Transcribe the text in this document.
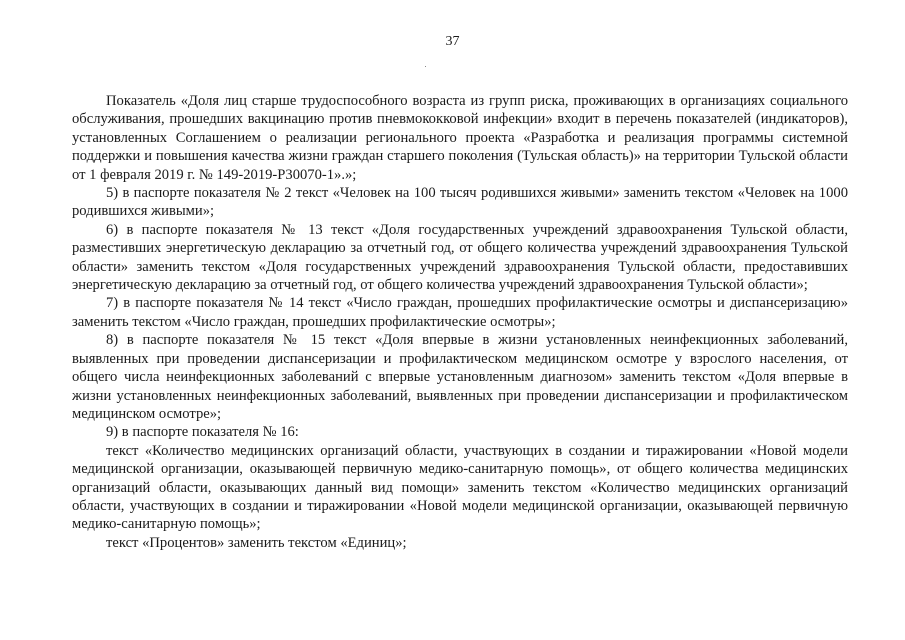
37

Показатель «Доля лиц старше трудоспособного возраста из групп риска, проживающих в организациях социального обслуживания, прошедших вакцинацию против пневмококковой инфекции» входит в перечень показателей (индикаторов), установленных Соглашением о реализации регионального проекта «Разработка и реализация программы системной поддержки и повышения качества жизни граждан старшего поколения (Тульская область)» на территории Тульской области от 1 февраля 2019 г. № 149-2019-Р30070-1».»;

5) в паспорте показателя № 2 текст «Человек на 100 тысяч родившихся живыми» заменить текстом «Человек на 1000 родившихся живыми»;

6) в паспорте показателя № 13 текст «Доля государственных учреждений здравоохранения Тульской области, разместивших энергетическую декларацию за отчетный год, от общего количества учреждений здравоохранения Тульской области» заменить текстом «Доля государственных учреждений здравоохранения Тульской области, предоставивших энергетическую декларацию за отчетный год, от общего количества учреждений здравоохранения Тульской области»;

7) в паспорте показателя № 14 текст «Число граждан, прошедших профилактические осмотры и диспансеризацию» заменить текстом «Число граждан, прошедших профилактические осмотры»;

8) в паспорте показателя № 15 текст «Доля впервые в жизни установленных неинфекционных заболеваний, выявленных при проведении диспансеризации и профилактическом медицинском осмотре у взрослого населения, от общего числа неинфекционных заболеваний с впервые установленным диагнозом» заменить текстом «Доля впервые в жизни установленных неинфекционных заболеваний, выявленных при проведении диспансеризации и профилактическом медицинском осмотре»;

9) в паспорте показателя № 16:

текст «Количество медицинских организаций области, участвующих в создании и тиражировании «Новой модели медицинской организации, оказывающей первичную медико-санитарную помощь», от общего количества медицинских организаций области, оказывающих данный вид помощи» заменить текстом «Количество медицинских организаций области, участвующих в создании и тиражировании «Новой модели медицинской организации, оказывающей первичную медико-санитарную помощь»;

текст «Процентов» заменить текстом «Единиц»;
